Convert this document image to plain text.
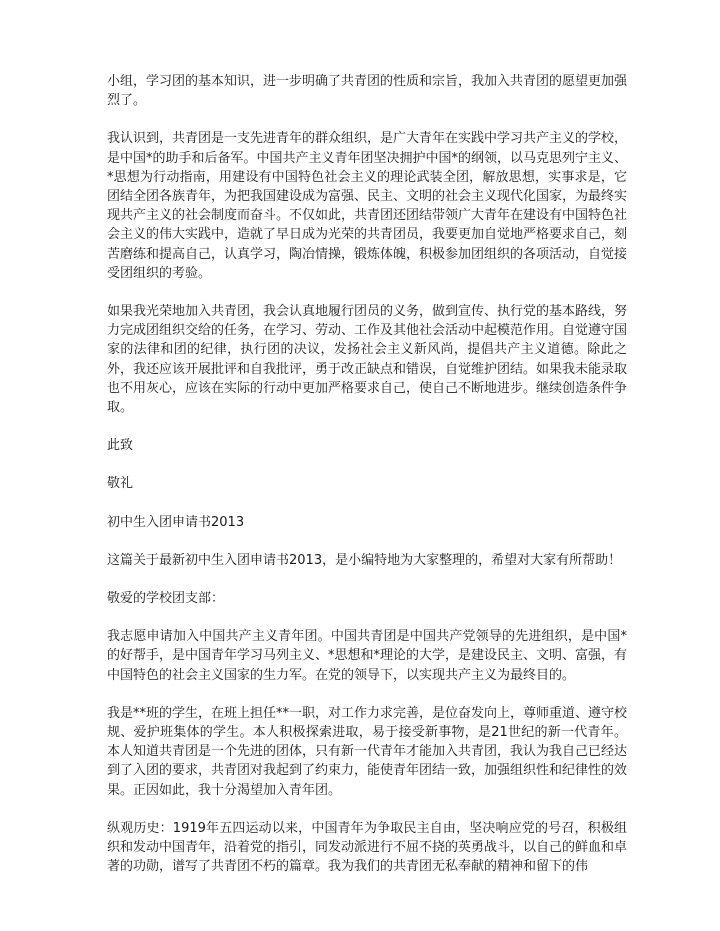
小组，学习团的基本知识，进一步明确了共青团的性质和宗旨，我加入共青团的愿望更加强烈了。

我认识到，共青团是一支先进青年的群众组织，是广大青年在实践中学习共产主义的学校，是中国*的助手和后备军。中国共产主义青年团坚决拥护中国*的纲领，以马克思列宁主义、*思想为行动指南，用建设有中国特色社会主义的理论武装全团，解放思想，实事求是，它团结全团各族青年，为把我国建设成为富强、民主、文明的社会主义现代化国家，为最终实现共产主义的社会制度而奋斗。不仅如此，共青团还团结带领广大青年在建设有中国特色社会主义的伟大实践中，造就了早日成为光荣的共青团员，我要更加自觉地严格要求自己，刻苦磨练和提高自己，认真学习，陶冶情操，锻炼体魄，积极参加团组织的各项活动，自觉接受团组织的考验。

如果我光荣地加入共青团，我会认真地履行团员的义务，做到宣传、执行党的基本路线，努力完成团组织交给的任务，在学习、劳动、工作及其他社会活动中起模范作用。自觉遵守国家的法律和团的纪律，执行团的决议，发扬社会主义新风尚，提倡共产主义道德。除此之外，我还应该开展批评和自我批评，勇于改正缺点和错误，自觉维护团结。如果我未能录取也不用灰心，应该在实际的行动中更加严格要求自己，使自己不断地进步。继续创造条件争取。

此致

敬礼

初中生入团申请书2013

这篇关于最新初中生入团申请书2013，是小编特地为大家整理的，希望对大家有所帮助！

敬爱的学校团支部：

我志愿申请加入中国共产主义青年团。中国共青团是中国共产党领导的先进组织，是中国*的好帮手，是中国青年学习马列主义、*思想和*理论的大学，是建设民主、文明、富强，有中国特色的社会主义国家的生力军。在党的领导下，以实现共产主义为最终目的。

我是**班的学生，在班上担任**一职，对工作力求完善，是位奋发向上，尊师重道、遵守校规、爱护班集体的学生。本人积极探索进取，易于接受新事物，是21世纪的新一代青年。本人知道共青团是一个先进的团体，只有新一代青年才能加入共青团，我认为我自己已经达到了入团的要求，共青团对我起到了约束力，能使青年团结一致，加强组织性和纪律性的效果。正因如此，我十分渴望加入青年团。

纵观历史：1919年五四运动以来，中国青年为争取民主自由，坚决响应党的号召，积极组织和发动中国青年，沿着党的指引，同发动派进行不屈不挠的英勇战斗，以自己的鲜血和卓著的功勋，谱写了共青团不朽的篇章。我为我们的共青团无私奉献的精神和留下的伟
